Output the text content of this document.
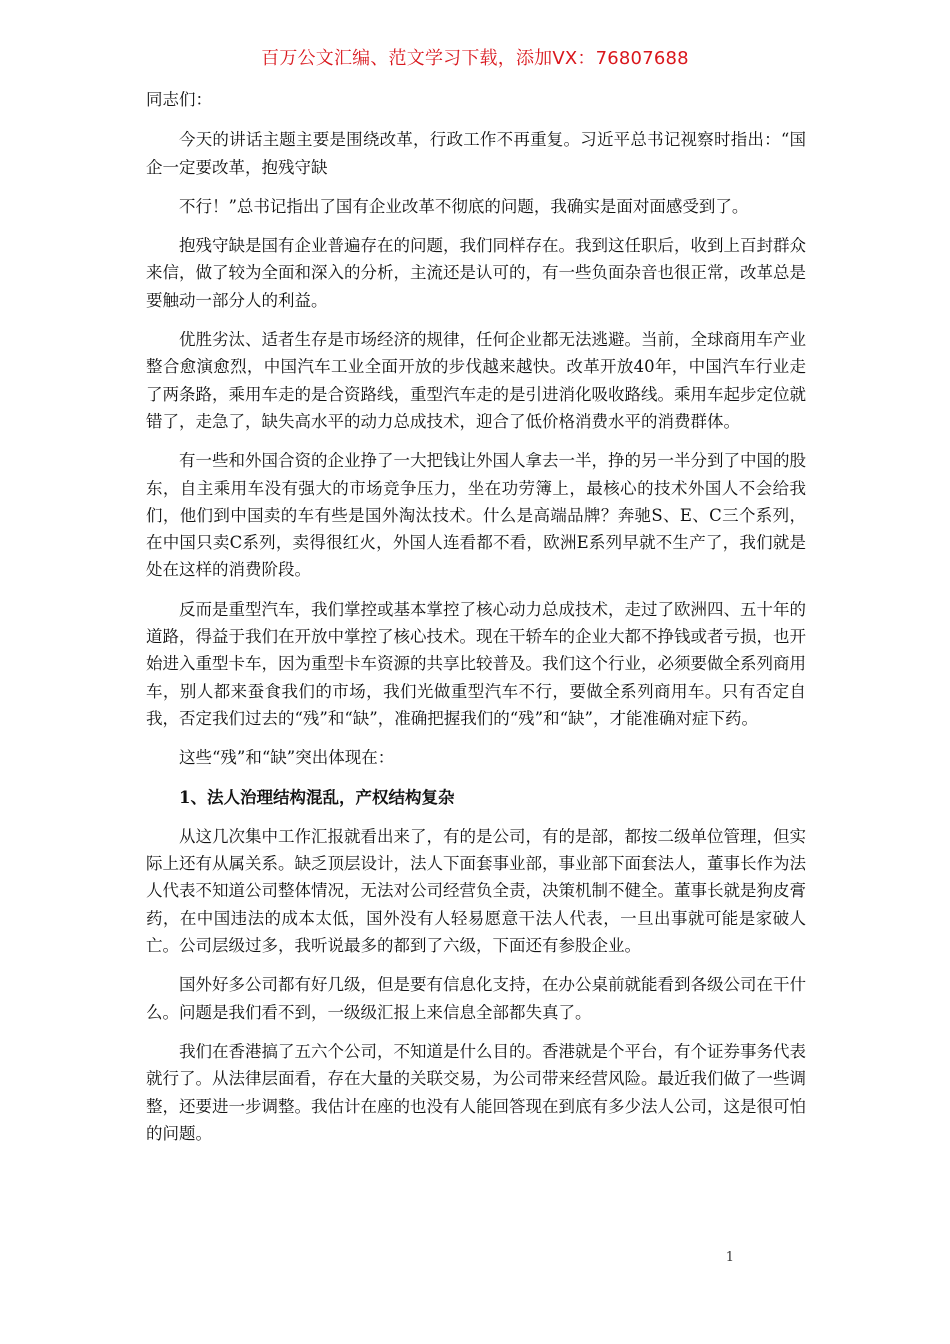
百万公文汇编、范文学习下载，添加VX：76807688

同志们：

今天的讲话主题主要是围绕改革，行政工作不再重复。习近平总书记视察时指出：“国企一定要改革，抱残守缺

不行！”总书记指出了国有企业改革不彻底的问题，我确实是面对面感受到了。

抱残守缺是国有企业普遍存在的问题，我们同样存在。我到这任职后，收到上百封群众来信，做了较为全面和深入的分析，主流还是认可的，有一些负面杂音也很正常，改革总是要触动一部分人的利益。

优胜劣汰、适者生存是市场经济的规律，任何企业都无法逃避。当前，全球商用车产业整合愈演愈烈，中国汽车工业全面开放的步伐越来越快。改革开放40年，中国汽车行业走了两条路，乘用车走的是合资路线，重型汽车走的是引进消化吸收路线。乘用车起步定位就错了，走急了，缺失高水平的动力总成技术，迎合了低价格消费水平的消费群体。

有一些和外国合资的企业挣了一大把钱让外国人拿去一半，挣的另一半分到了中国的股东，自主乘用车没有强大的市场竞争压力，坐在功劳簿上，最核心的技术外国人不会给我们，他们到中国卖的车有些是国外淘汰技术。什么是高端品牌？奔驰S、E、C三个系列，在中国只卖C系列，卖得很红火，外国人连看都不看，欧洲E系列早就不生产了，我们就是处在这样的消费阶段。

反而是重型汽车，我们掌控或基本掌控了核心动力总成技术，走过了欧洲四、五十年的道路，得益于我们在开放中掌控了核心技术。现在干轿车的企业大都不挣钱或者亏损，也开始进入重型卡车，因为重型卡车资源的共享比较普及。我们这个行业，必须要做全系列商用车，别人都来蚕食我们的市场，我们光做重型汽车不行，要做全系列商用车。只有否定自我，否定我们过去的“残”和“缺”，准确把握我们的“残”和“缺”，才能准确对症下药。

这些“残”和“缺”突出体现在：

1、法人治理结构混乱，产权结构复杂

从这几次集中工作汇报就看出来了，有的是公司，有的是部，都按二级单位管理，但实际上还有从属关系。缺乏顶层设计，法人下面套事业部，事业部下面套法人，董事长作为法人代表不知道公司整体情况，无法对公司经营负全责，决策机制不健全。董事长就是狗皮膏药，在中国违法的成本太低，国外没有人轻易愿意干法人代表，一旦出事就可能是家破人亡。公司层级过多，我听说最多的都到了六级，下面还有参股企业。

国外好多公司都有好几级，但是要有信息化支持，在办公桌前就能看到各级公司在干什么。问题是我们看不到，一级级汇报上来信息全部都失真了。

我们在香港搞了五六个公司，不知道是什么目的。香港就是个平台，有个证券事务代表就行了。从法律层面看，存在大量的关联交易，为公司带来经营风险。最近我们做了一些调整，还要进一步调整。我估计在座的也没有人能回答现在到底有多少法人公司，这是很可怕的问题。

1
